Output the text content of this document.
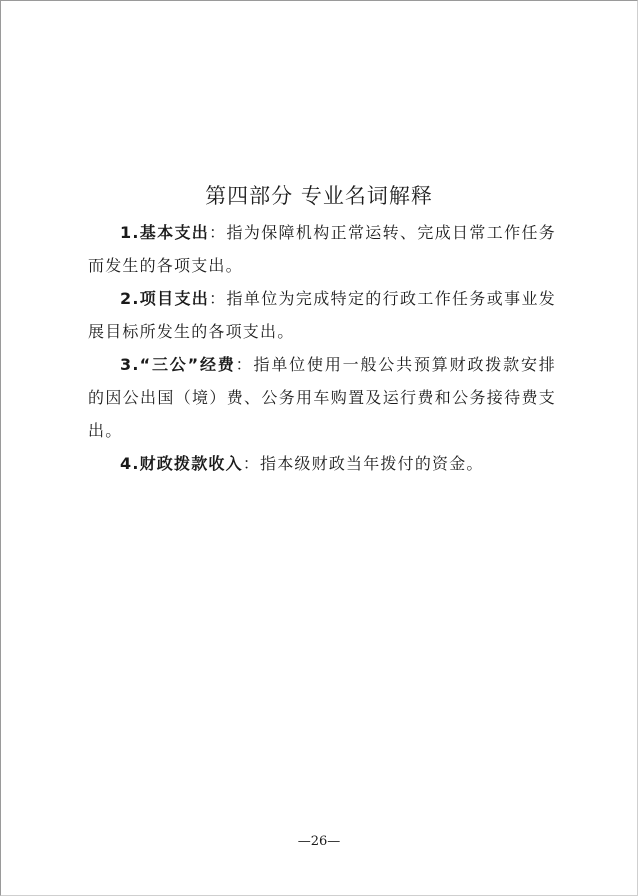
第四部分 专业名词解释

1.基本支出：指为保障机构正常运转、完成日常工作任务而发生的各项支出。

2.项目支出：指单位为完成特定的行政工作任务或事业发展目标所发生的各项支出。

3.“三公”经费：指单位使用一般公共预算财政拨款安排的因公出国（境）费、公务用车购置及运行费和公务接待费支出。

4.财政拨款收入：指本级财政当年拨付的资金。

—26—
